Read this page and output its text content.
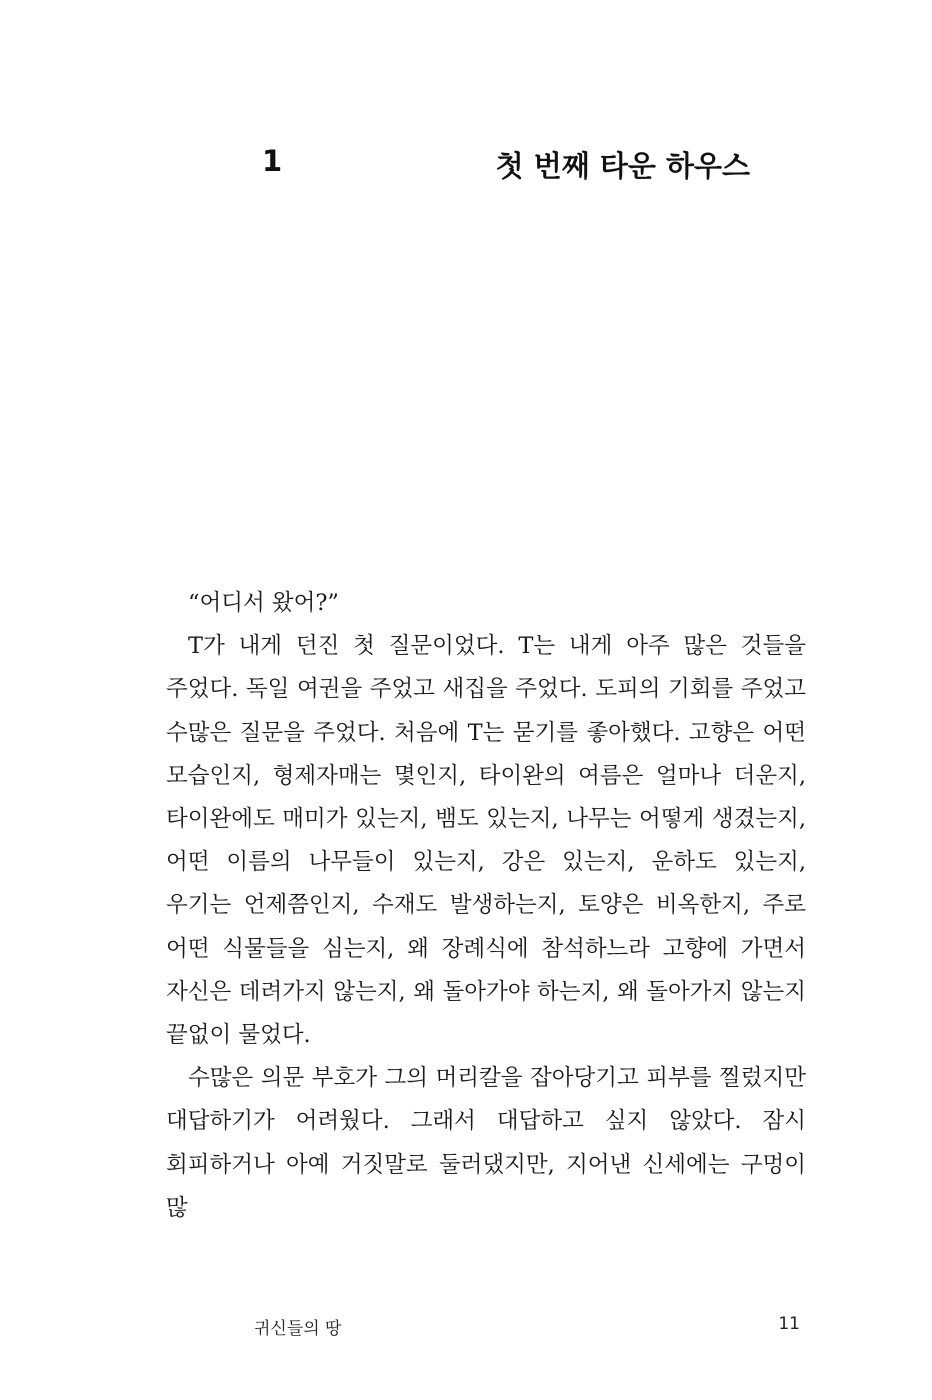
1	첫 번째 타운 하우스

“어디서 왔어?”

T가 내게 던진 첫 질문이었다. T는 내게 아주 많은 것들을 주었다. 독일 여권을 주었고 새집을 주었다. 도피의 기회를 주었고 수많은 질문을 주었다. 처음에 T는 묻기를 좋아했다. 고향은 어떤 모습인지, 형제자매는 몇인지, 타이완의 여름은 얼마나 더운지, 타이완에도 매미가 있는지, 뱀도 있는지, 나무는 어떻게 생겼는지, 어떤 이름의 나무들이 있는지, 강은 있는지, 운하도 있는지, 우기는 언제쯤인지, 수재도 발생하는지, 토양은 비옥한지, 주로 어떤 식물들을 심는지, 왜 장례식에 참석하느라 고향에 가면서 자신은 데려가지 않는지, 왜 돌아가야 하는지, 왜 돌아가지 않는지 끝없이 물었다.

수많은 의문 부호가 그의 머리칼을 잡아당기고 피부를 찔렀지만 대답하기가 어려웠다. 그래서 대답하고 싶지 않았다. 잠시 회피하거나 아예 거짓말로 둘러댔지만, 지어낸 신세에는 구멍이 많

귀신들의 땅	11
